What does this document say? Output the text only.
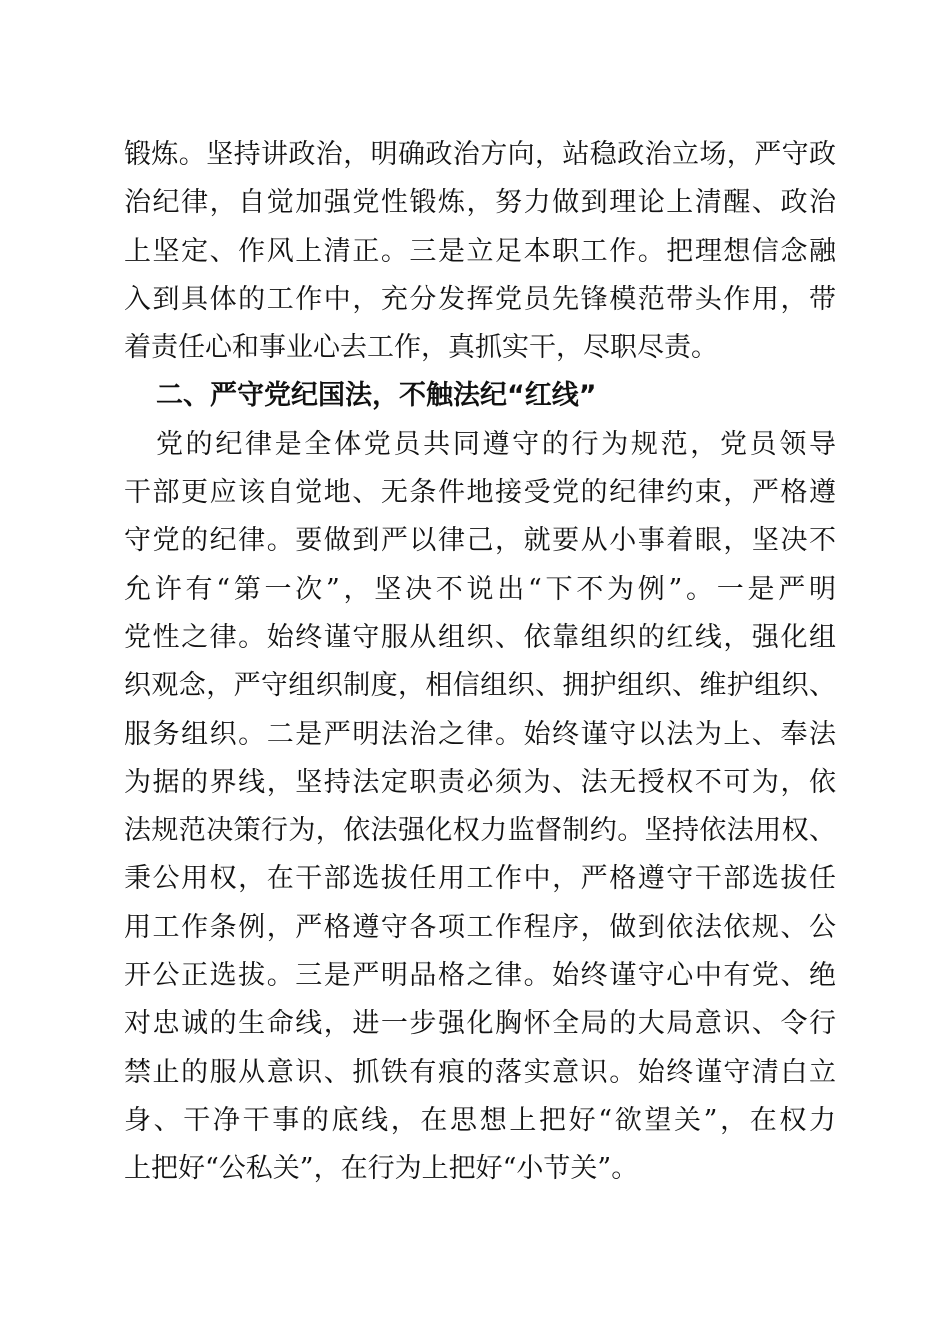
锻炼。坚持讲政治，明确政治方向，站稳政治立场，严守政
治纪律，自觉加强党性锻炼，努力做到理论上清醒、政治
上坚定、作风上清正。三是立足本职工作。把理想信念融
入到具体的工作中，充分发挥党员先锋模范带头作用，带
着责任心和事业心去工作，真抓实干，尽职尽责。
二、严守党纪国法，不触法纪“红线”
党的纪律是全体党员共同遵守的行为规范，党员领导
干部更应该自觉地、无条件地接受党的纪律约束，严格遵
守党的纪律。要做到严以律己，就要从小事着眼，坚决不
允许有“第一次”，坚决不说出“下不为例”。一是严明
党性之律。始终谨守服从组织、依靠组织的红线，强化组
织观念，严守组织制度，相信组织、拥护组织、维护组织、
服务组织。二是严明法治之律。始终谨守以法为上、奉法
为据的界线，坚持法定职责必须为、法无授权不可为，依
法规范决策行为，依法强化权力监督制约。坚持依法用权、
秉公用权，在干部选拔任用工作中，严格遵守干部选拔任
用工作条例，严格遵守各项工作程序，做到依法依规、公
开公正选拔。三是严明品格之律。始终谨守心中有党、绝
对忠诚的生命线，进一步强化胸怀全局的大局意识、令行
禁止的服从意识、抓铁有痕的落实意识。始终谨守清白立
身、干净干事的底线，在思想上把好“欲望关”，在权力
上把好“公私关”，在行为上把好“小节关”。
